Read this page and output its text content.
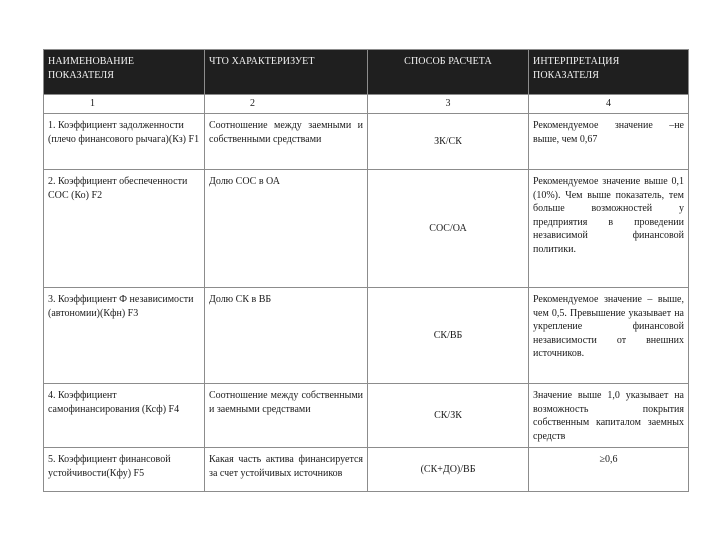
НАИМЕНОВАНИЕ ПОКАЗАТЕЛЯ	ЧТО ХАРАКТЕРИЗУЕТ	СПОСОБ РАСЧЕТА	ИНТЕРПРЕТАЦИЯ ПОКАЗАТЕЛЯ
1	2	3	4
1. Коэффициент задолженности (плечо финансового рычага)(Кз) F1	Соотношение между заемными и собственными средствами	ЗК/СК	Рекомендуемое значение –не выше, чем 0,67
2. Коэффициент обеспеченности СОС (Ко) F2	Долю СОС в ОА	СОС/ОА	Рекомендуемое значение выше 0,1 (10%). Чем выше показатель, тем больше возможностей у предприятия в проведении независимой финансовой политики.
3. Коэффициент Ф независимости (автономии)(Кфн) F3	Долю СК в ВБ	СК/ВБ	Рекомендуемое значение – выше, чем 0,5. Превышение указывает на укрепление финансовой независимости от внешних источников.
4. Коэффициент самофинансирования (Ксф) F4	Соотношение между собственными и заемными средствами	СК/ЗК	Значение выше 1,0 указывает на возможность покрытия собственным капиталом заемных средств
5. Коэффициент финансовой устойчивости(Кфу) F5	Какая часть актива финансируется за счет устойчивых источников	(СК+ДО)/ВБ	≥0,6
